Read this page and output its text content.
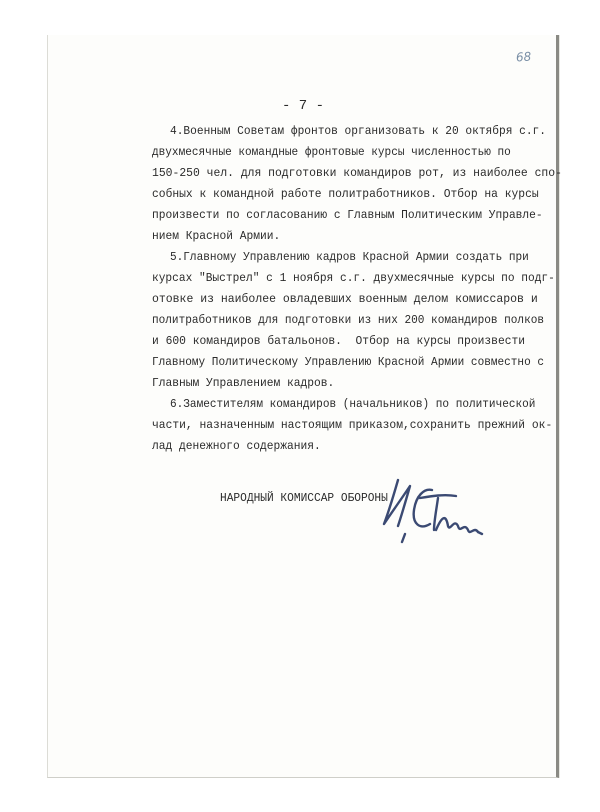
68
- 7 -
4.Военным Советам фронтов организовать к 20 октября с.г.
двухмесячные командные фронтовые курсы численностью по
150-250 чел. для подготовки командиров рот, из наиболее спо-
собных к командной работе политработников. Отбор на курсы
произвести по согласованию с Главным Политическим Управле-
нием Красной Армии.
5.Главному Управлению кадров Красной Армии создать при
курсах "Выстрел" с 1 ноября с.г. двухмесячные курсы по подг-
отовке из наиболее овладевших военным делом комиссаров и
политработников для подготовки из них 200 командиров полков
и 600 командиров батальонов.  Отбор на курсы произвести
Главному Политическому Управлению Красной Армии совместно с
Главным Управлением кадров.
6.Заместителям командиров (начальников) по политической
части, назначенным настоящим приказом,сохранить прежний ок-
лад денежного содержания.
НАРОДНЫЙ КОМИССАР ОБОРОНЫ
